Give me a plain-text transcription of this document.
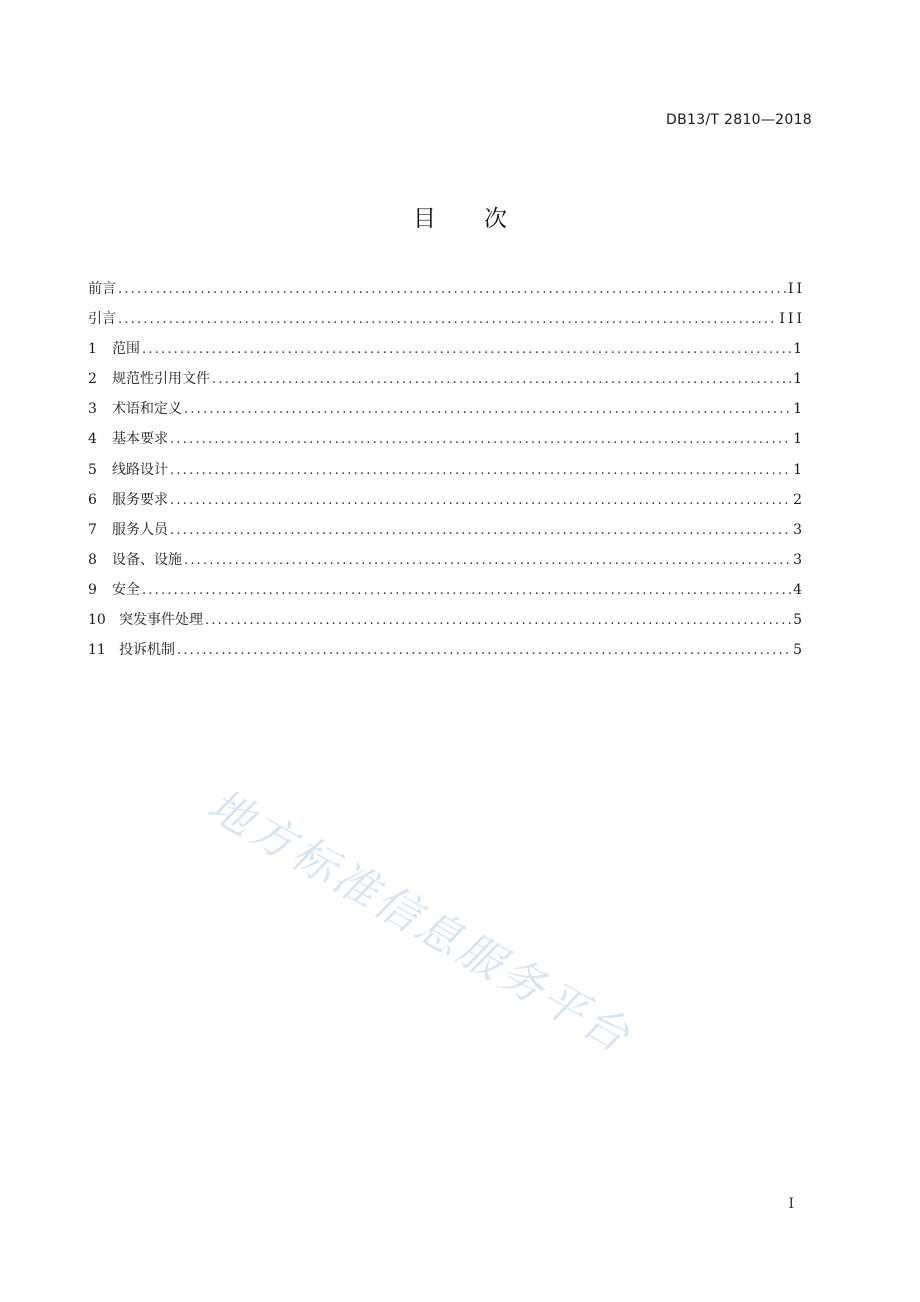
DB13/T 2810—2018
目次
前言 .....	II
引言 .....	III
1	范围 .....	1
2	规范性引用文件 .....	1
3	术语和定义 .....	1
4	基本要求 .....	1
5	线路设计 .....	1
6	服务要求 .....	2
7	服务人员 .....	3
8	设备、设施 .....	3
9	安全 .....	4
10 突发事件处理 .....	5
11 投诉机制 .....	5
地方标准信息服务平台
I
